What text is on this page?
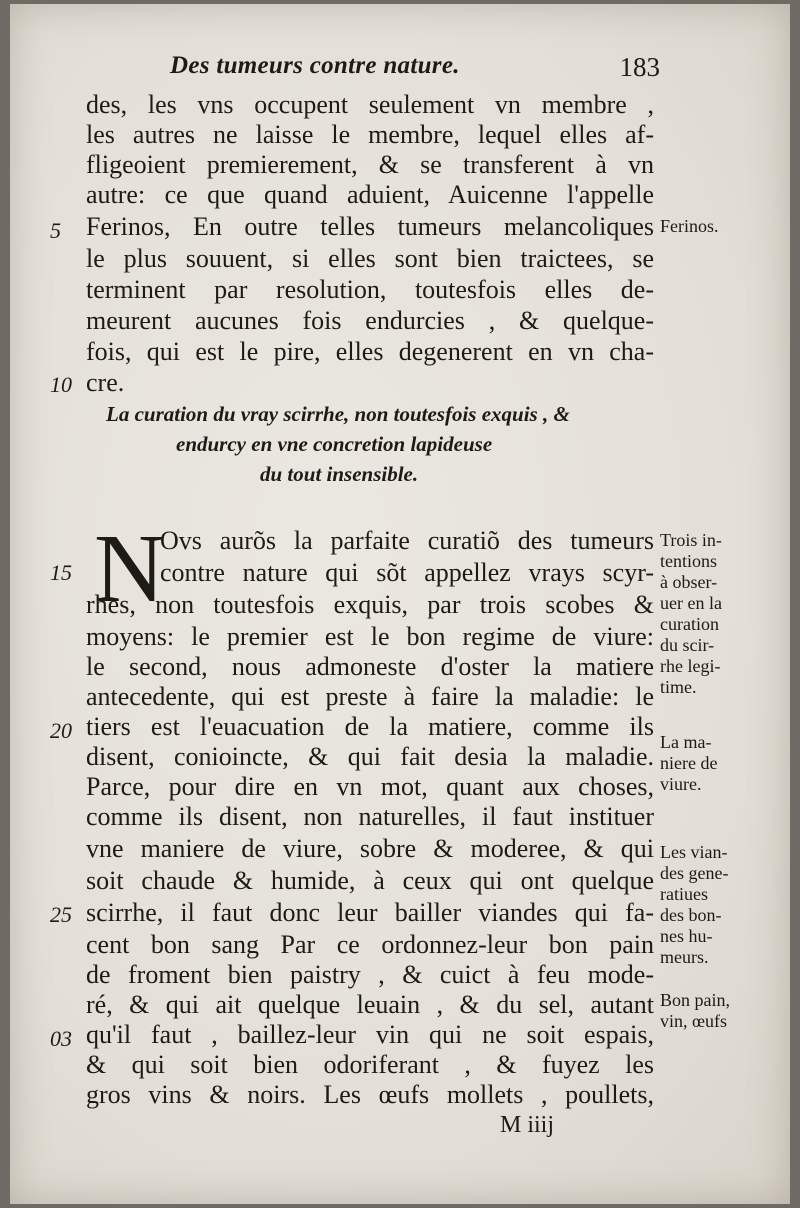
Des tumeurs contre nature.	183
des, les vns occupent seulement vn membre ,
les autres ne laisse le membre, lequel elles af-
fligeoient premierement, & se transferent à vn
autre: ce que quand aduient, Auicenne l'appelle
Ferinos, En outre telles tumeurs melancoliques
le plus souuent, si elles sont bien traictees, se
terminent par resolution, toutesfois elles de-
meurent aucunes fois endurcies , & quelque-
fois, qui est le pire, elles degenerent en vn cha-
cre.
5
10
La curation du vray scirrhe, non toutesfois exquis , &
endurcy en vne concretion lapideuse
du tout insensible.
N
Ovs aurõs la parfaite curatiõ des tumeurs
contre nature qui sõt appellez vrays scyr-
rhes, non toutesfois exquis, par trois scobes &
moyens: le premier est le bon regime de viure:
le second, nous admoneste d'oster la matiere
antecedente, qui est preste à faire la maladie: le
tiers est l'euacuation de la matiere, comme ils
disent, conioincte, & qui fait desia la maladie.
Parce, pour dire en vn mot, quant aux choses,
comme ils disent, non naturelles, il faut instituer
vne maniere de viure, sobre & moderee, & qui
soit chaude & humide, à ceux qui ont quelque
scirrhe, il faut donc leur bailler viandes qui fa-
cent bon sang Par ce ordonnez-leur bon pain
de froment bien paistry , & cuict à feu mode-
ré, & qui ait quelque leuain , & du sel, autant
qu'il faut , baillez-leur vin qui ne soit espais,
& qui soit bien odoriferant , & fuyez les
gros vins & noirs. Les œufs mollets , poullets,
15
20
25
03
Ferinos.
Trois in-
tentions
à obser-
uer en la
curation
du scir-
rhe legi-
time.
La ma-
niere de
viure.
Les vian-
des gene-
ratiues
des bon-
nes hu-
meurs.
Bon pain,
vin, œufs
M iiij
